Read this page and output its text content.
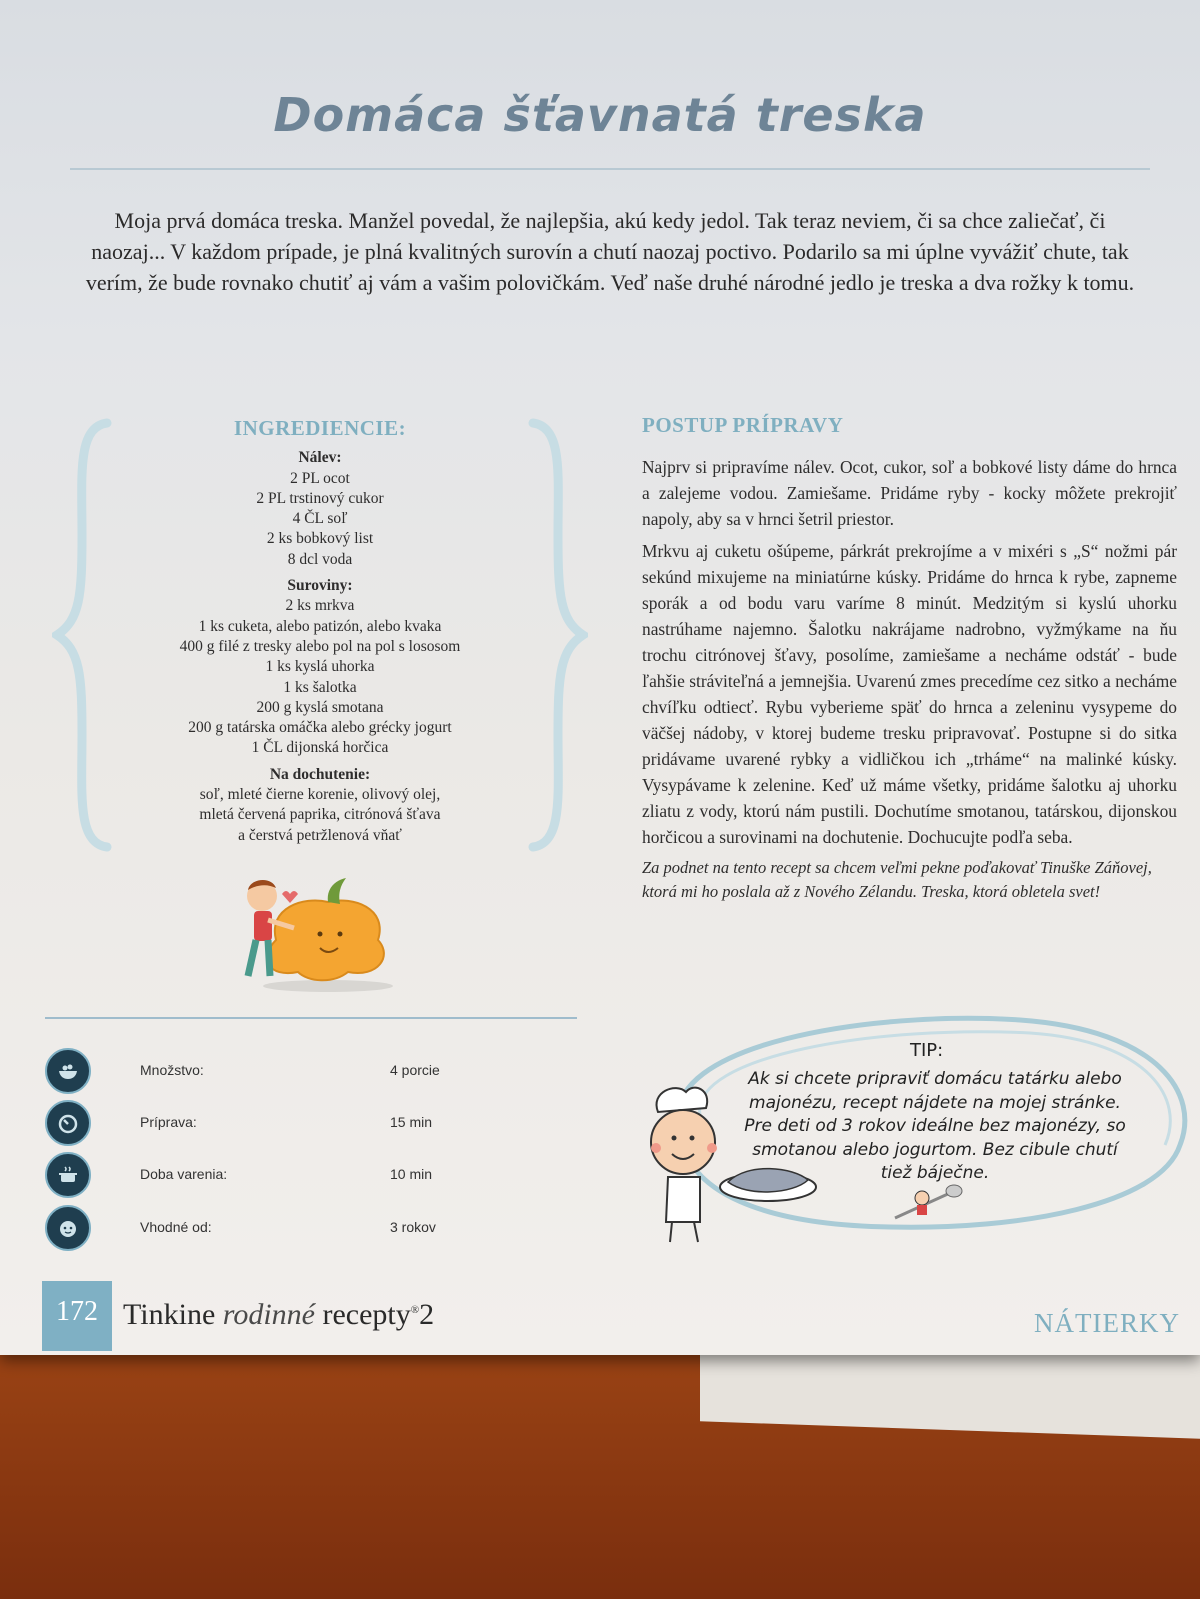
Domáca šťavnatá treska

Moja prvá domáca treska. Manžel povedal, že najlepšia, akú kedy jedol. Tak teraz neviem, či sa chce zaliečať, či naozaj... V každom prípade, je plná kvalitných surovín a chutí naozaj poctivo. Podarilo sa mi úplne vyvážiť chute, tak verím, že bude rovnako chutiť aj vám a vašim polovičkám. Veď naše druhé národné jedlo je treska a dva rožky k tomu.

INGREDIENCIE:
Nálev:
2 PL ocot
2 PL trstinový cukor
4 ČL soľ
2 ks bobkový list
8 dcl voda
Suroviny:
2 ks mrkva
1 ks cuketa, alebo patizón, alebo kvaka
400 g filé z tresky alebo pol na pol s lososom
1 ks kyslá uhorka
1 ks šalotka
200 g kyslá smotana
200 g tatárska omáčka alebo grécky jogurt
1 ČL dijonská horčica
Na dochutenie:
soľ, mleté čierne korenie, olivový olej,
mletá červená paprika, citrónová šťava
a čerstvá petržlenová vňať
POSTUP PRÍPRAVY

Najprv si pripravíme nálev. Ocot, cukor, soľ a bobkové listy dáme do hrnca a zalejeme vodou. Zamiešame. Pridáme ryby - kocky môžete prekrojiť napoly, aby sa v hrnci šetril priestor.

Mrkvu aj cuketu ošúpeme, párkrát prekrojíme a v mixéri s „S“ nožmi pár sekúnd mixujeme na miniatúrne kúsky. Pridáme do hrnca k rybe, zapneme sporák a od bodu varu varíme 8 minút. Medzitým si kyslú uhorku nastrúhame najemno. Šalotku nakrájame nadrobno, vyžmýkame na ňu trochu citrónovej šťavy, posolíme, zamiešame a necháme odstáť - bude ľahšie stráviteľná a jemnejšia. Uvarenú zmes precedíme cez sitko a necháme chvíľku odtiecť. Rybu vyberieme späť do hrnca a zeleninu vysypeme do väčšej nádoby, v ktorej budeme tresku pripravovať. Postupne si do sitka pridávame uvarené rybky a vidličkou ich „trháme“ na malinké kúsky. Vysypávame k zelenine. Keď už máme všetky, pridáme šalotku aj uhorku zliatu z vody, ktorú nám pustili. Dochutíme smotanou, tatárskou, dijonskou horčicou a surovinami na dochutenie. Dochucujte podľa seba.

Za podnet na tento recept sa chcem veľmi pekne poďakovať Tinuške Záňovej, ktorá mi ho poslala až z Nového Zélandu. Treska, ktorá obletela svet!

Množstvo:	4 porcie
Príprava:	15 min
Doba varenia:	10 min
Vhodné od:	3 rokov
TIP:
Ak si chcete pripraviť domácu tatárku alebo majonézu, recept nájdete na mojej stránke. Pre deti od 3 rokov ideálne bez majonézy, so smotanou alebo jogurtom. Bez cibule chutí tiež báječne.
172 Tinkine rodinné recepty®2	NÁTIERKY
